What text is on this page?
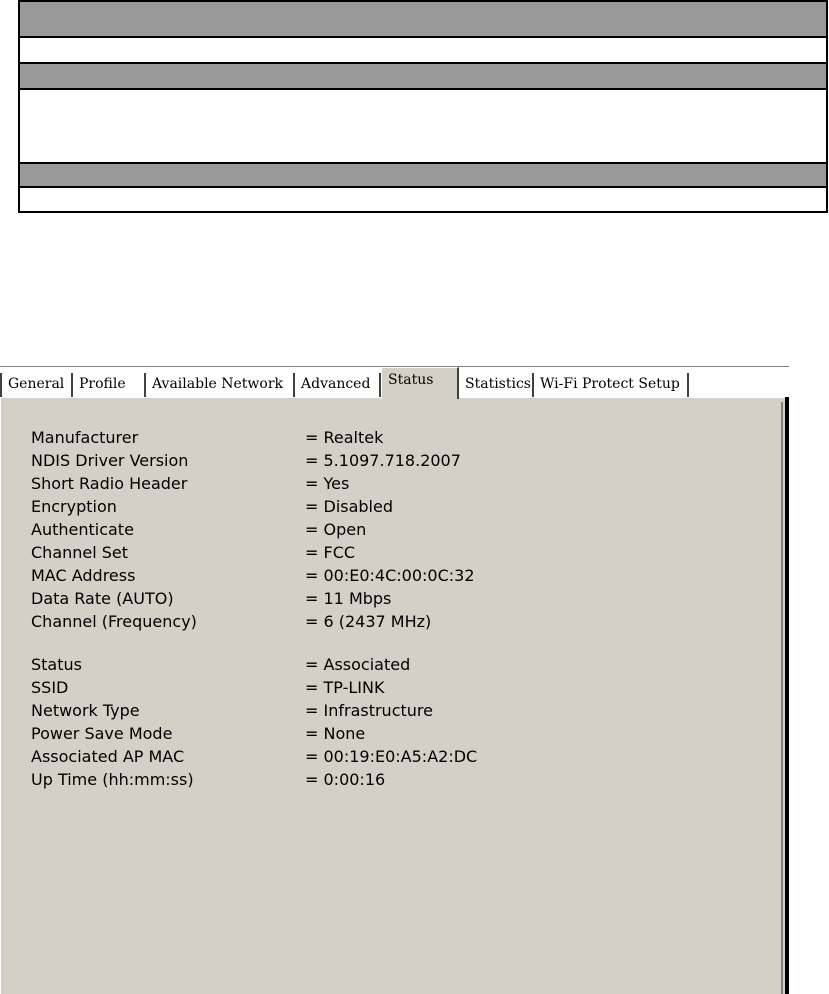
General	Profile	Available Network	Advanced	Status	Statistics Wi-Fi Protect Setup
Manufacturer	= Realtek
NDIS Driver Version	= 5.1097.718.2007
Short Radio Header	= Yes
Encryption	= Disabled
Authenticate	= Open
Channel Set	= FCC
MAC Address	= 00:E0:4C:00:0C:32
Data Rate (AUTO)	= 11 Mbps
Channel (Frequency)	= 6 (2437 MHz)
Status	= Associated
SSID	= TP-LINK
Network Type	= Infrastructure
Power Save Mode	= None
Associated AP MAC	= 00:19:E0:A5:A2:DC
Up Time (hh:mm:ss)	= 0:00:16
